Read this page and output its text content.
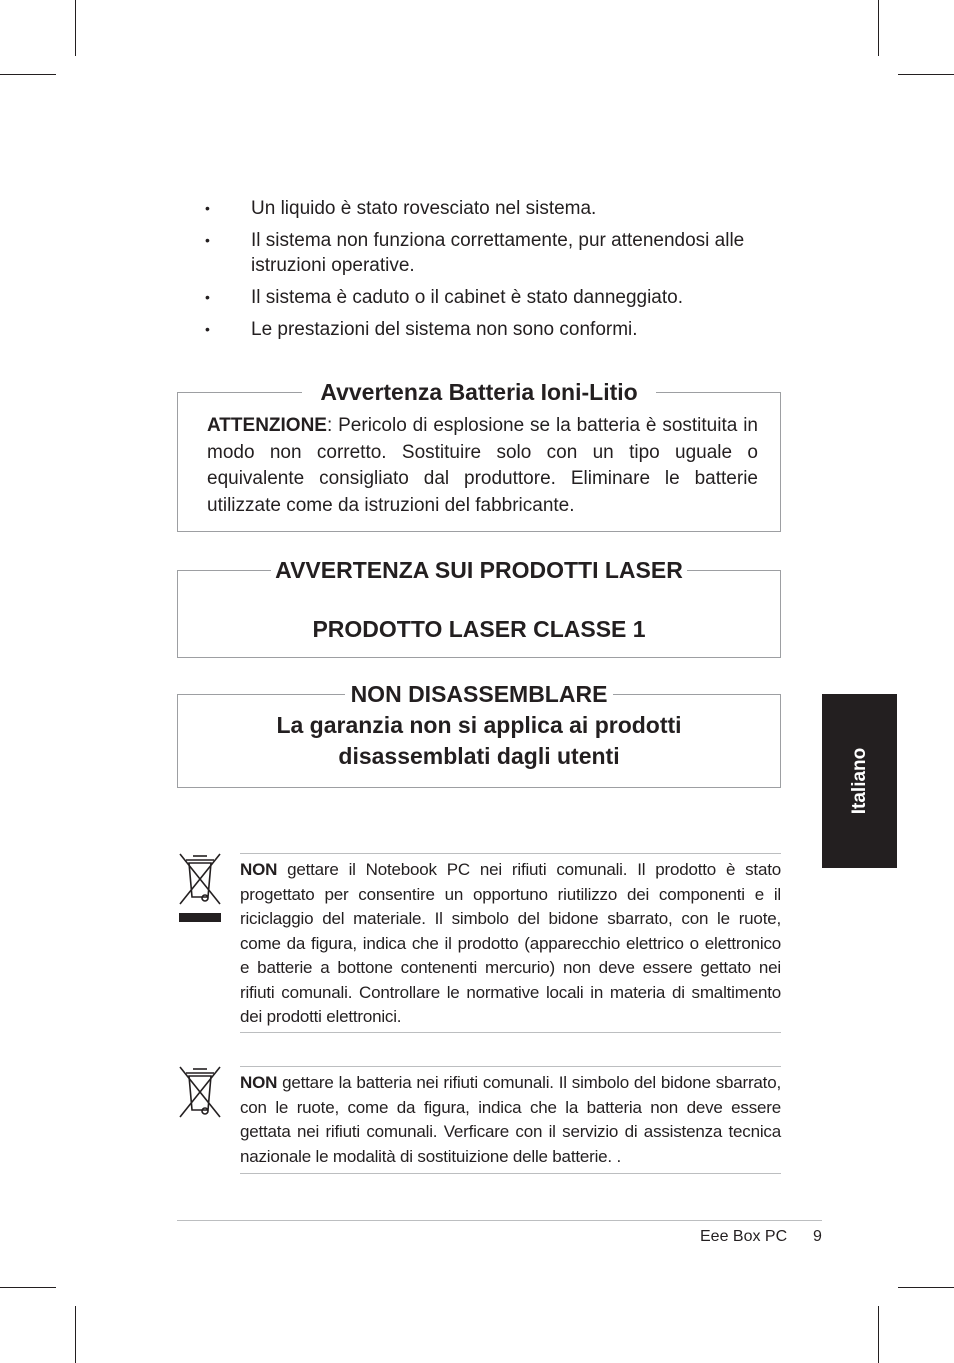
• Un liquido è stato rovesciato nel sistema.
• Il sistema non funziona correttamente, pur attenendosi alle istruzioni operative.
• Il sistema è caduto o il cabinet è stato danneggiato.
• Le prestazioni del sistema non sono conformi.
Avvertenza Batteria Ioni-Litio
ATTENZIONE: Pericolo di esplosione se la batteria è sostituita in modo non corretto. Sostituire solo con un tipo uguale o equivalente consigliato dal produttore. Eliminare le batterie utilizzate come da istruzioni del fabbricante.
AVVERTENZA SUI PRODOTTI LASER
PRODOTTO LASER CLASSE 1
NON DISASSEMBLARE
La garanzia non si applica ai prodotti
disassemblati dagli utenti	Italiano
NON gettare il Notebook PC nei rifiuti comunali. Il prodotto è stato progettato per consentire un opportuno riutilizzo dei componenti e il riciclaggio del materiale. Il simbolo del bidone sbarrato, con le ruote, come da figura, indica che il prodotto (apparecchio elettrico o elettronico e batterie a bottone contenenti mercurio) non deve essere gettato nei rifiuti comunali. Controllare le normative locali in materia di smaltimento dei prodotti elettronici.
NON gettare la batteria nei rifiuti comunali. Il simbolo del bidone sbarrato, con le ruote, come da figura, indica che la batteria non deve essere gettata nei rifiuti comunali. Verficare con il servizio di assistenza tecnica nazionale le modalità di sostituizione delle batterie. .
Eee Box PC 9
